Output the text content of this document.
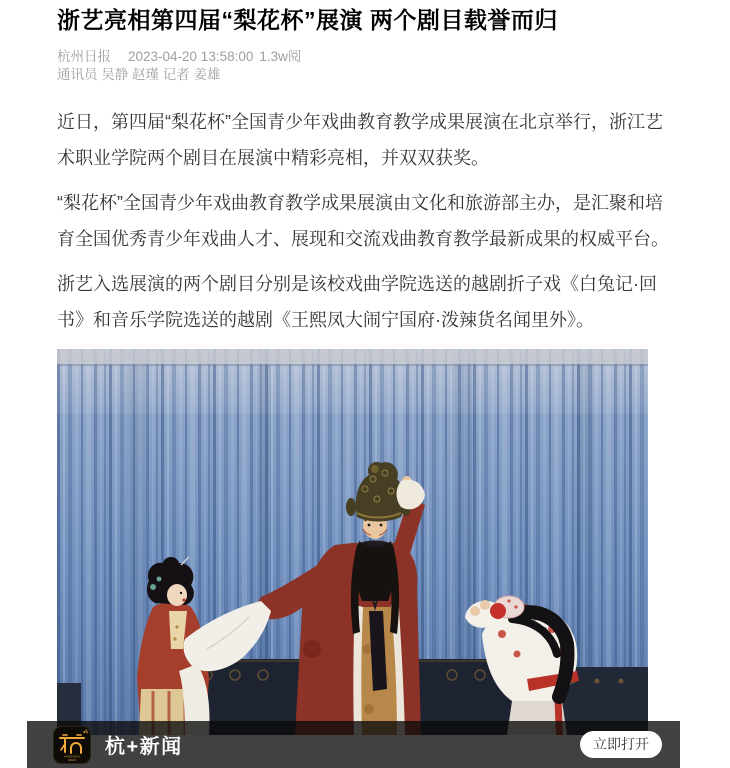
浙艺亮相第四届“梨花杯”展演 两个剧目载誉而归
杭州日报 2023-04-20 13:58:00 1.3w阅
通讯员 吴静 赵瑾 记者 姜雄

近日，第四届“梨花杯”全国青少年戏曲教育教学成果展演在北京举行，浙江艺术职业学院两个剧目在展演中精彩亮相，并双双获奖。

“梨花杯”全国青少年戏曲教育教学成果展演由文化和旅游部主办，是汇聚和培育全国优秀青少年戏曲人才、展现和交流戏曲教育教学最新成果的权威平台。

浙艺入选展演的两个剧目分别是该校戏曲学院选送的越剧折子戏《白兔记·回书》和音乐学院选送的越剧《王熙凤大闹宁国府·泼辣货名闻里外》。

HANGZHOU
NEWS
杭+新闻	立即打开
